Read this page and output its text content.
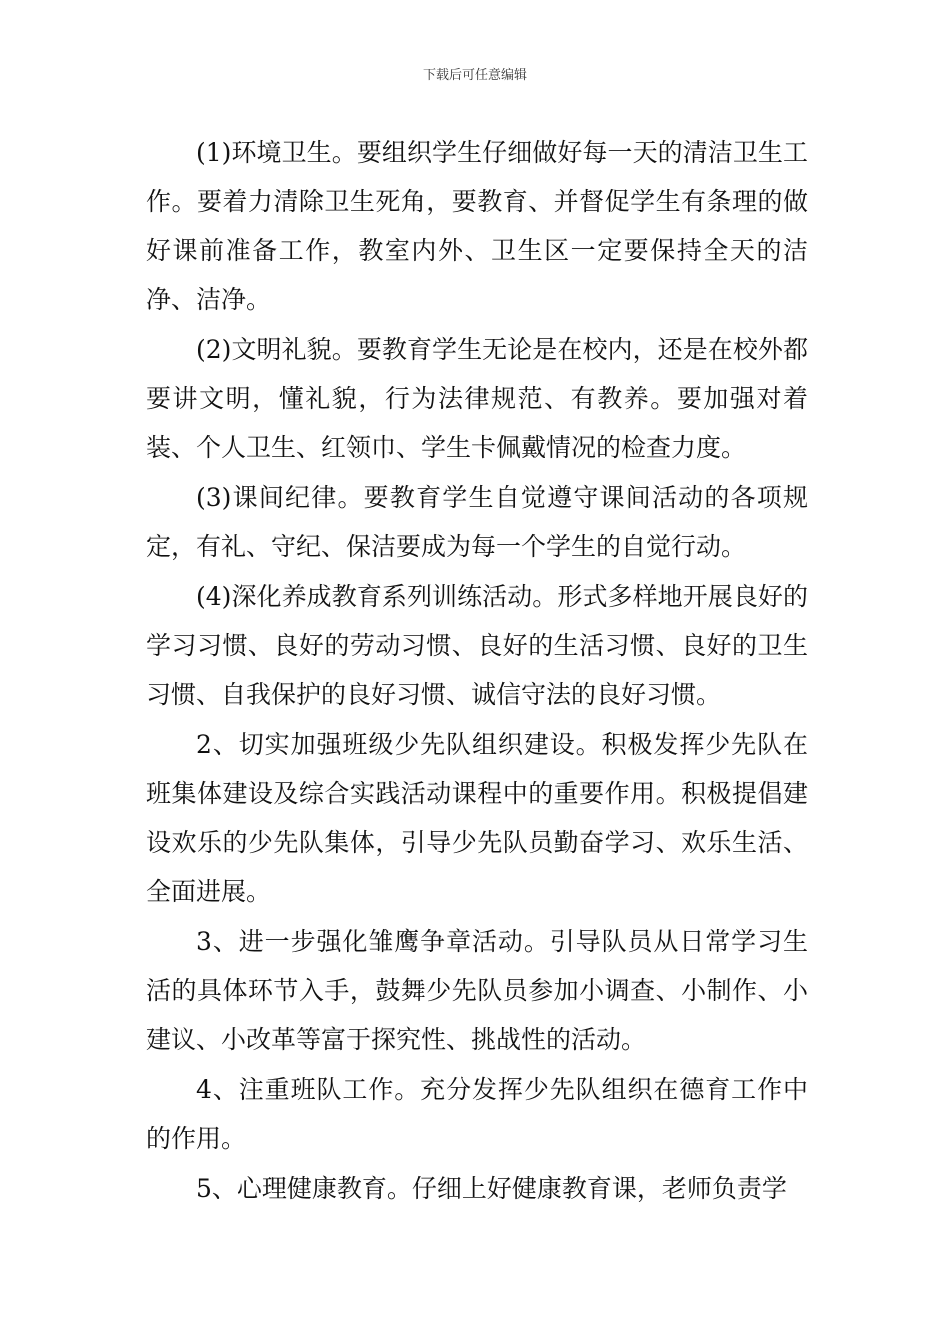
下载后可任意编辑

(1)环境卫生。要组织学生仔细做好每一天的清洁卫生工作。要着力清除卫生死角，要教育、并督促学生有条理的做好课前准备工作，教室内外、卫生区一定要保持全天的洁净、洁净。

(2)文明礼貌。要教育学生无论是在校内，还是在校外都要讲文明，懂礼貌，行为法律规范、有教养。要加强对着装、个人卫生、红领巾、学生卡佩戴情况的检查力度。

(3)课间纪律。要教育学生自觉遵守课间活动的各项规定，有礼、守纪、保洁要成为每一个学生的自觉行动。

(4)深化养成教育系列训练活动。形式多样地开展良好的学习习惯、良好的劳动习惯、良好的生活习惯、良好的卫生习惯、自我保护的良好习惯、诚信守法的良好习惯。

2、切实加强班级少先队组织建设。积极发挥少先队在班集体建设及综合实践活动课程中的重要作用。积极提倡建设欢乐的少先队集体，引导少先队员勤奋学习、欢乐生活、全面进展。

3、进一步强化雏鹰争章活动。引导队员从日常学习生活的具体环节入手，鼓舞少先队员参加小调查、小制作、小建议、小改革等富于探究性、挑战性的活动。

4、注重班队工作。充分发挥少先队组织在德育工作中的作用。

5、心理健康教育。仔细上好健康教育课，老师负责学
